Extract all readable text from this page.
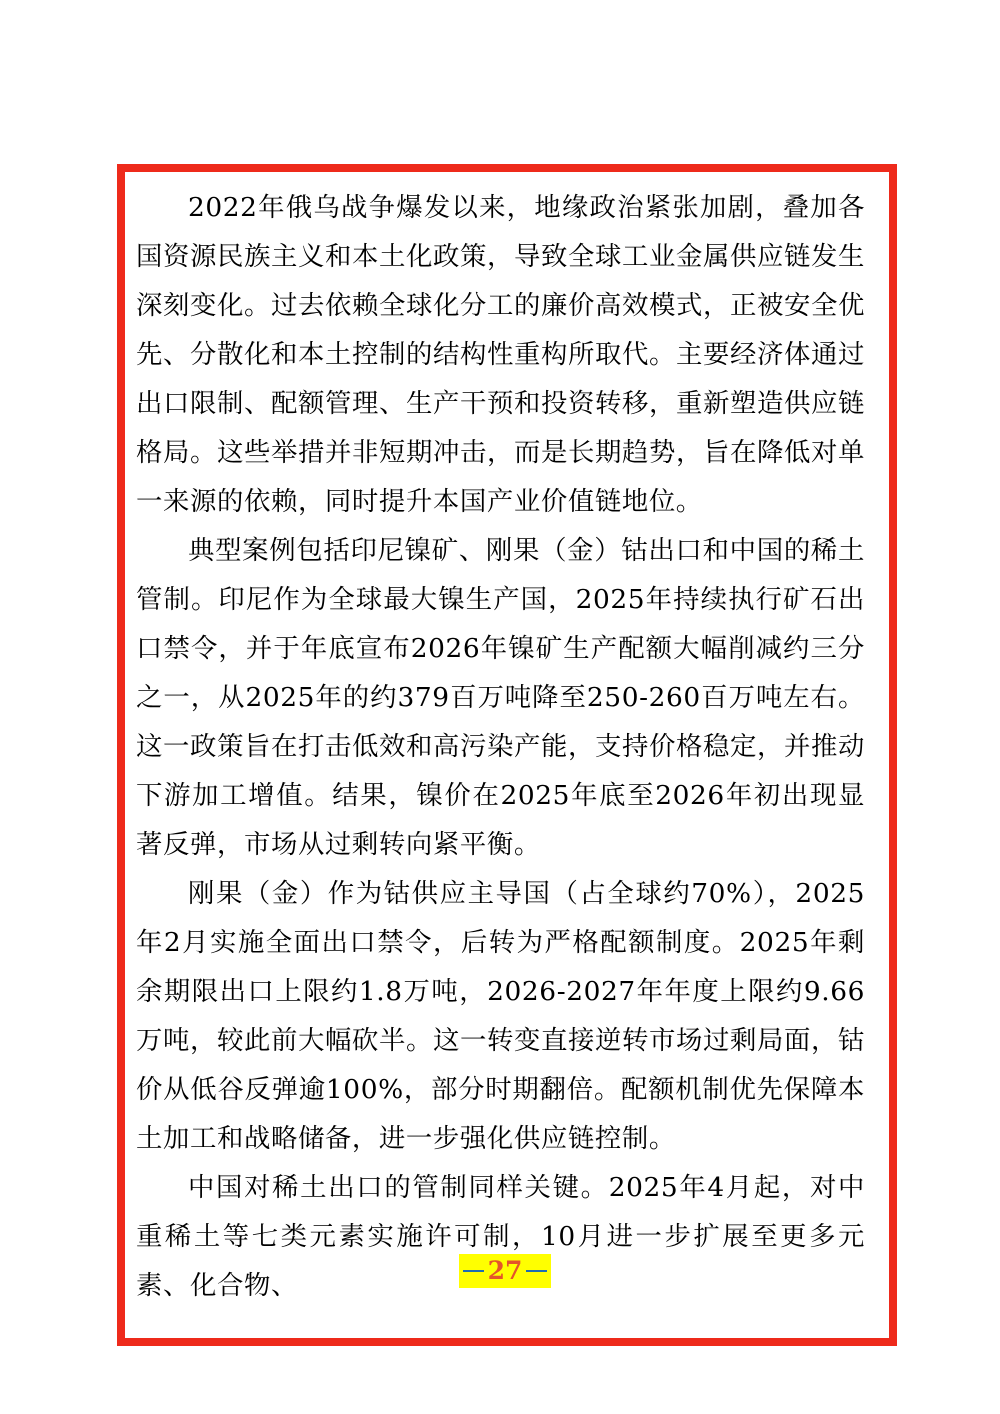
2022年俄乌战争爆发以来，地缘政治紧张加剧，叠加各国资源民族主义和本土化政策，导致全球工业金属供应链发生深刻变化。过去依赖全球化分工的廉价高效模式，正被安全优先、分散化和本土控制的结构性重构所取代。主要经济体通过出口限制、配额管理、生产干预和投资转移，重新塑造供应链格局。这些举措并非短期冲击，而是长期趋势，旨在降低对单一来源的依赖，同时提升本国产业价值链地位。

典型案例包括印尼镍矿、刚果（金）钴出口和中国的稀土管制。印尼作为全球最大镍生产国，2025年持续执行矿石出口禁令，并于年底宣布2026年镍矿生产配额大幅削减约三分之一，从2025年的约379百万吨降至250-260百万吨左右。这一政策旨在打击低效和高污染产能，支持价格稳定，并推动下游加工增值。结果，镍价在2025年底至2026年初出现显著反弹，市场从过剩转向紧平衡。

刚果（金）作为钴供应主导国（占全球约70%），2025年2月实施全面出口禁令，后转为严格配额制度。2025年剩余期限出口上限约1.8万吨，2026-2027年年度上限约9.66万吨，较此前大幅砍半。这一转变直接逆转市场过剩局面，钴价从低谷反弹逾100%，部分时期翻倍。配额机制优先保障本土加工和战略储备，进一步强化供应链控制。

中国对稀土出口的管制同样关键。2025年4月起，对中重稀土等七类元素实施许可制，10月进一步扩展至更多元素、化合物、	27
